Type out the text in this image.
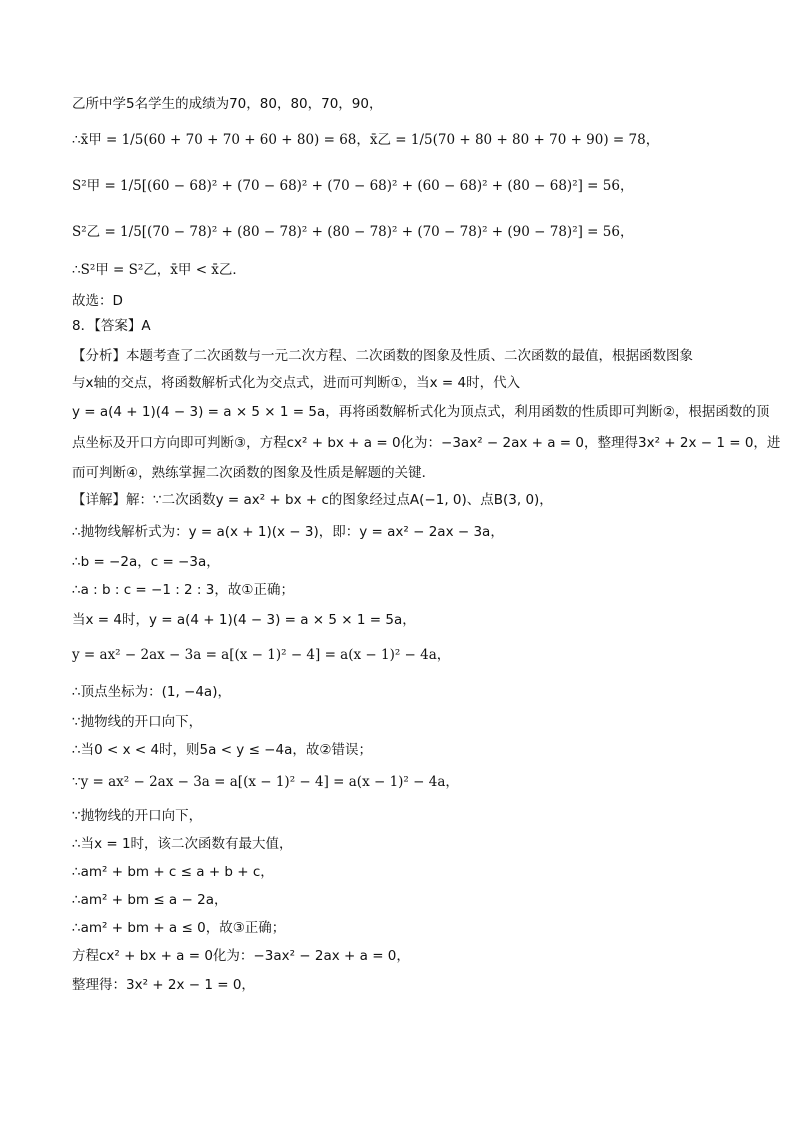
乙所中学5名学生的成绩为70，80，80，70，90，
∴x̄甲 = 1/5(60 + 70 + 70 + 60 + 80) = 68，x̄乙 = 1/5(70 + 80 + 80 + 70 + 90) = 78，
S²甲 = 1/5[(60 − 68)² + (70 − 68)² + (70 − 68)² + (60 − 68)² + (80 − 68)²] = 56，
S²乙 = 1/5[(70 − 78)² + (80 − 78)² + (80 − 78)² + (70 − 78)² + (90 − 78)²] = 56，
∴S²甲 = S²乙，x̄甲 < x̄乙．
故选：D
8．【答案】A
【分析】本题考查了二次函数与一元二次方程、二次函数的图象及性质、二次函数的最值，根据函数图象
与x轴的交点，将函数解析式化为交点式，进而可判断①，当x = 4时，代入
y = a(4 + 1)(4 − 3) = a × 5 × 1 = 5a，再将函数解析式化为顶点式，利用函数的性质即可判断②，根据函数的顶
点坐标及开口方向即可判断③，方程cx² + bx + a = 0化为：−3ax² − 2ax + a = 0，整理得3x² + 2x − 1 = 0，进
而可判断④，熟练掌握二次函数的图象及性质是解题的关键．
【详解】解：∵二次函数y = ax² + bx + c的图象经过点A(−1, 0)、点B(3, 0)，
∴抛物线解析式为：y = a(x + 1)(x − 3)，即：y = ax² − 2ax − 3a，
∴b = −2a，c = −3a，
∴a : b : c = −1 : 2 : 3，故①正确；
当x = 4时，y = a(4 + 1)(4 − 3) = a × 5 × 1 = 5a，
y = ax² − 2ax − 3a = a[(x − 1)² − 4] = a(x − 1)² − 4a，
∴顶点坐标为：(1, −4a)，
∵抛物线的开口向下，
∴当0 < x < 4时，则5a < y ≤ −4a，故②错误；
∵y = ax² − 2ax − 3a = a[(x − 1)² − 4] = a(x − 1)² − 4a，
∵抛物线的开口向下，
∴当x = 1时，该二次函数有最大值，
∴am² + bm + c ≤ a + b + c，
∴am² + bm ≤ a − 2a，
∴am² + bm + a ≤ 0，故③正确；
方程cx² + bx + a = 0化为：−3ax² − 2ax + a = 0，
整理得：3x² + 2x − 1 = 0，
